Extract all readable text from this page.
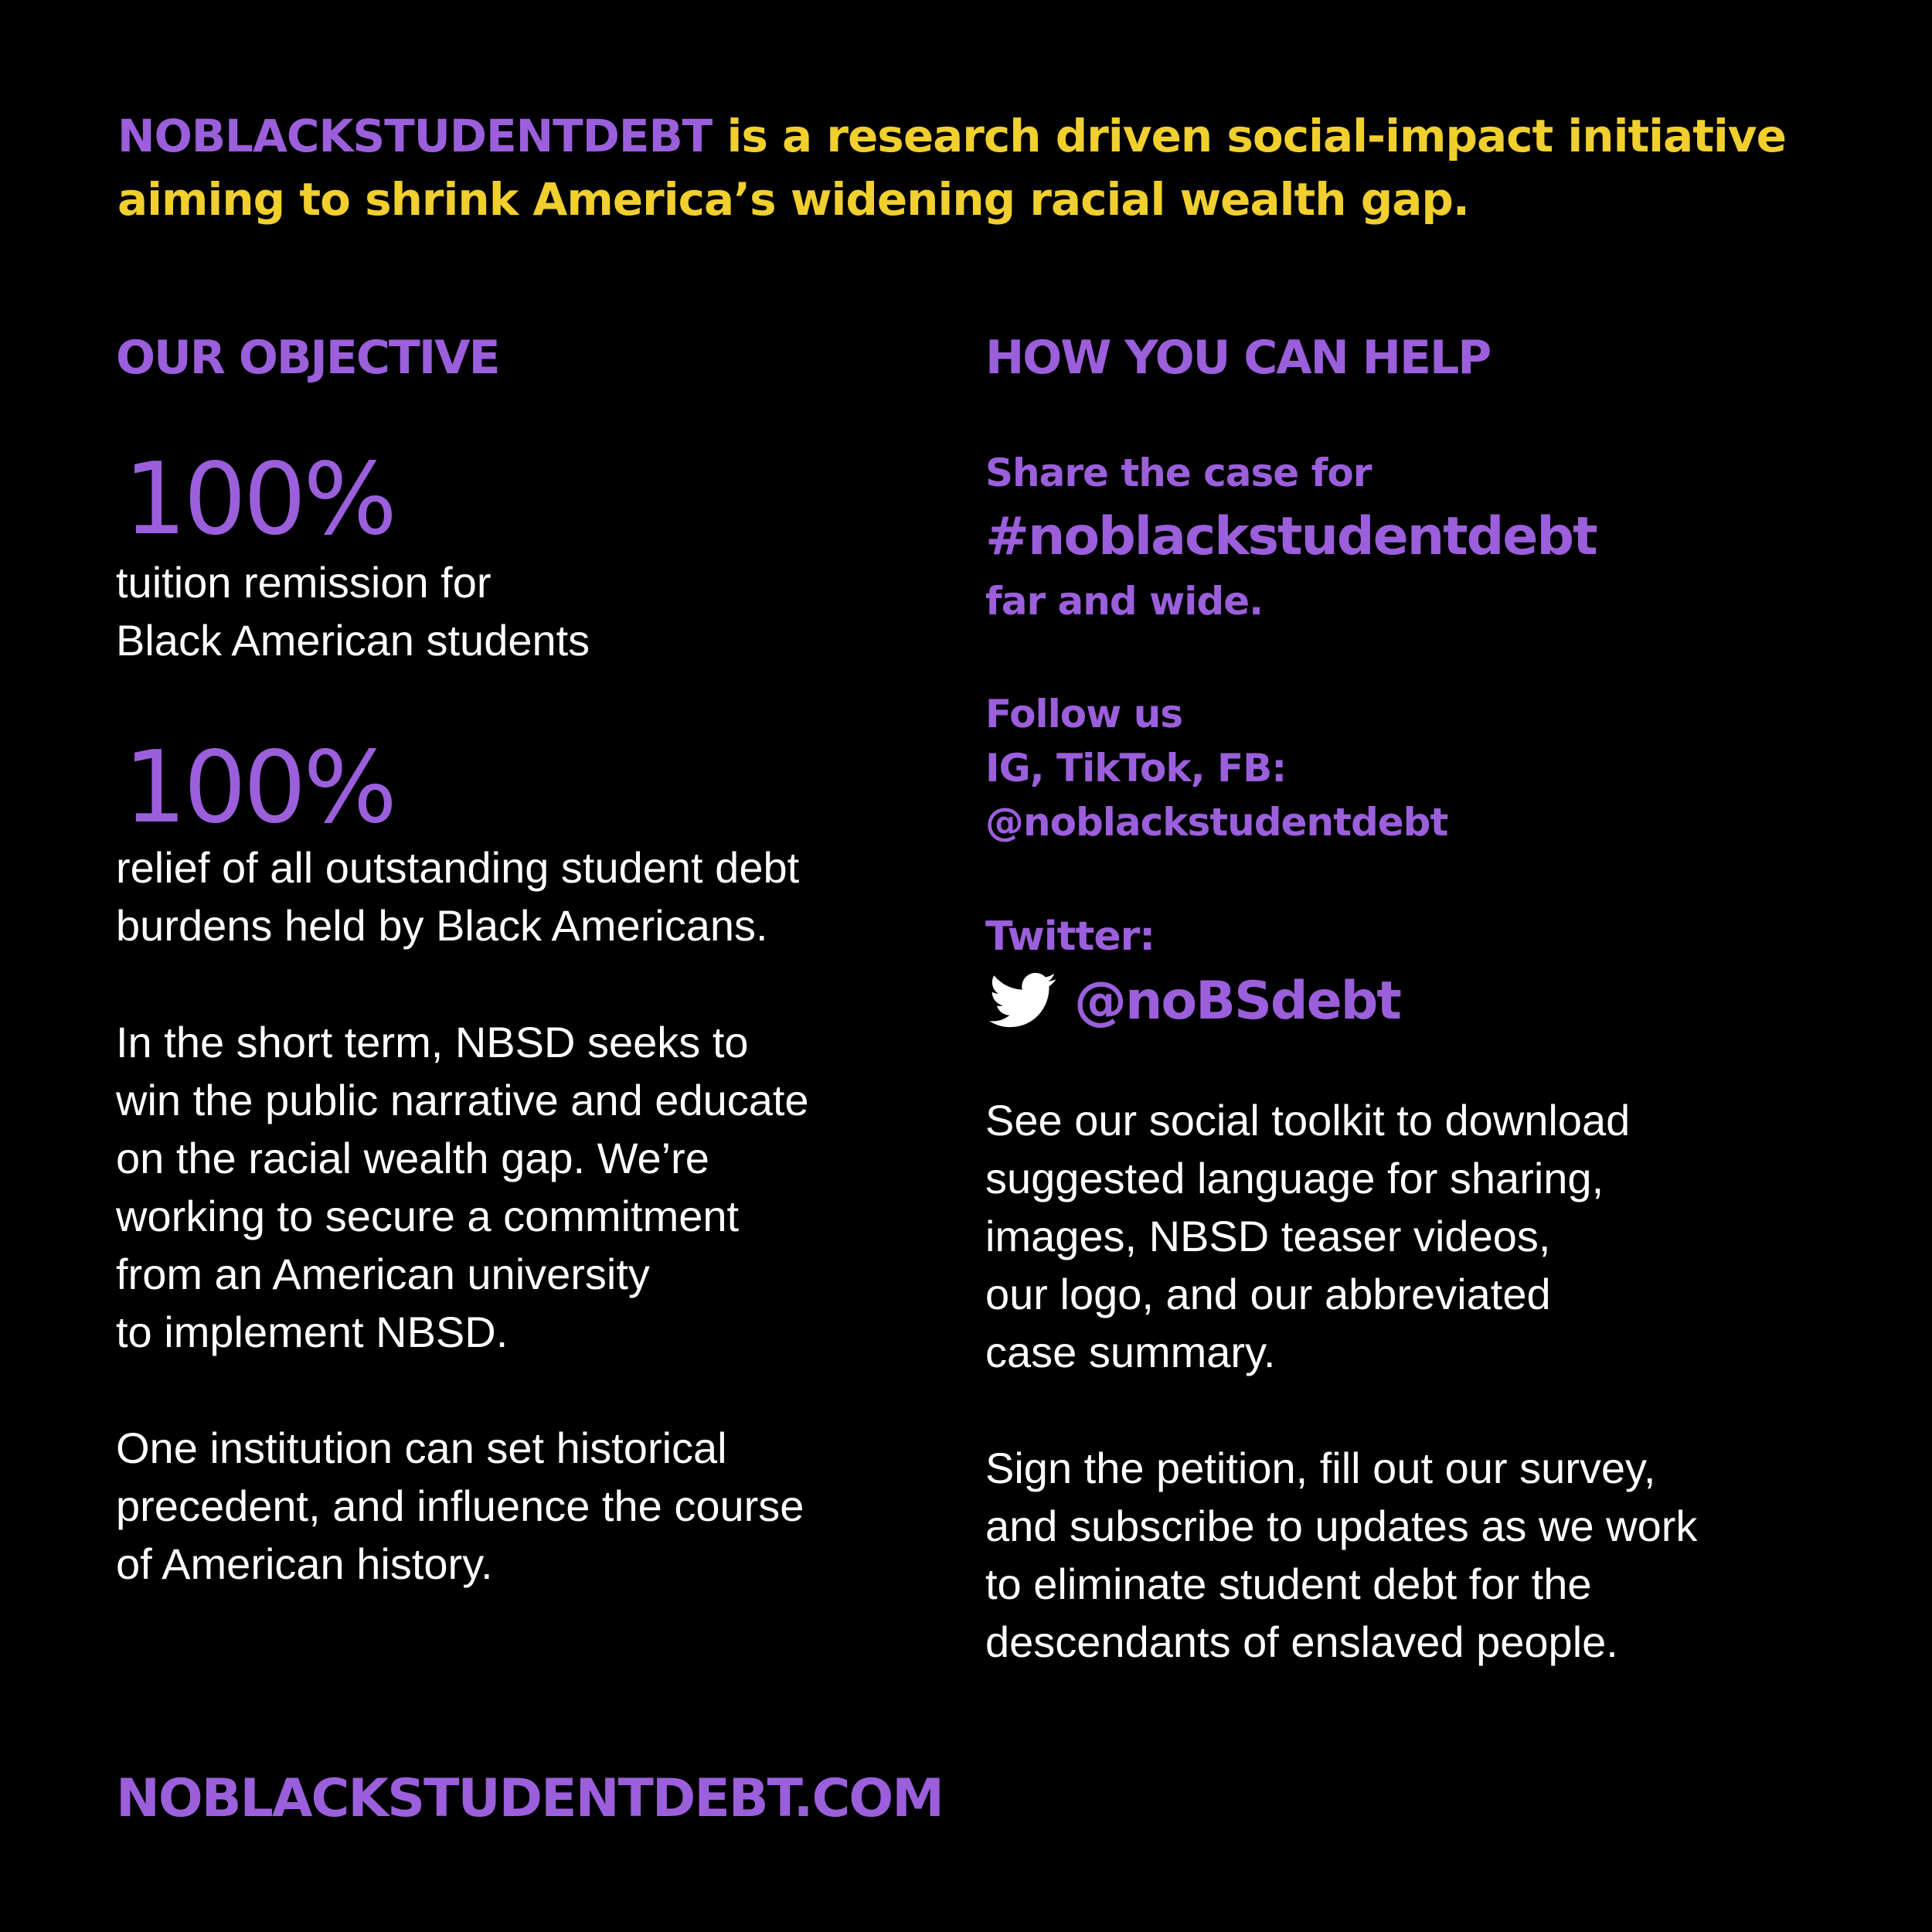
NOBLACKSTUDENTDEBT is a research driven social-impact initiative aiming to shrink America’s widening racial wealth gap.
OUR OBJECTIVE	HOW YOU CAN HELP
100%
tuition remission for
Black American students
100%
relief of all outstanding student debt
burdens held by Black Americans.
In the short term, NBSD seeks to
win the public narrative and educate
on the racial wealth gap. We’re
working to secure a commitment
from an American university
to implement NBSD.
One institution can set historical
precedent, and influence the course
of American history.
Share the case for
#noblackstudentdebt
far and wide.
Follow us
IG, TikTok, FB:
@noblackstudentdebt
Twitter:
@noBSdebt
See our social toolkit to download
suggested language for sharing,
images, NBSD teaser videos,
our logo, and our abbreviated
case summary.
Sign the petition, fill out our survey,
and subscribe to updates as we work
to eliminate student debt for the
descendants of enslaved people.
NOBLACKSTUDENTDEBT.COM
